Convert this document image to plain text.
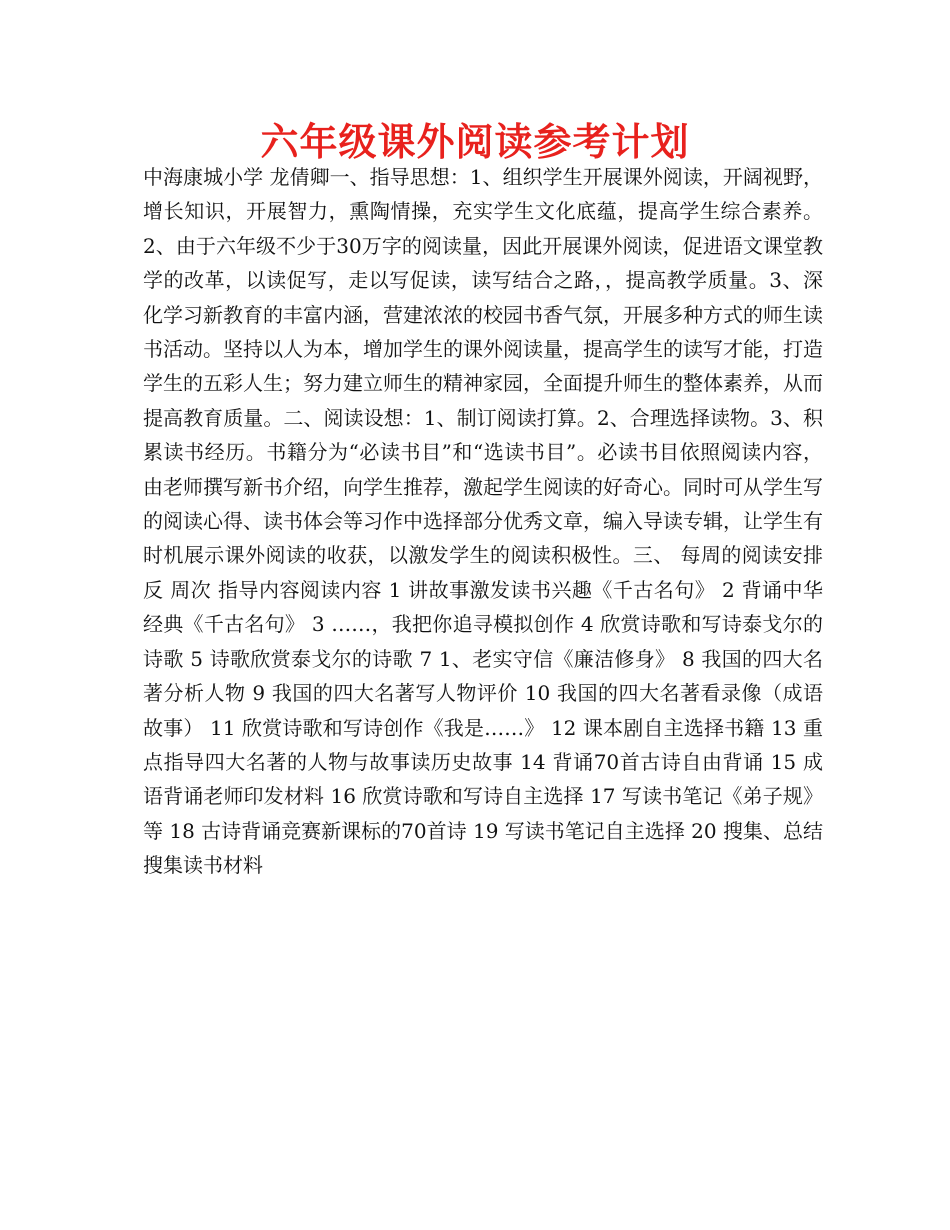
六年级课外阅读参考计划

中海康城小学 龙倩卿一、指导思想：1、组织学生开展课外阅读，开阔视野，增长知识，开展智力，熏陶情操，充实学生文化底蕴，提高学生综合素养。2、由于六年级不少于30万字的阅读量，因此开展课外阅读，促进语文课堂教学的改革，以读促写，走以写促读，读写结合之路，，提高教学质量。3、深化学习新教育的丰富内涵，营建浓浓的校园书香气氛，开展多种方式的师生读书活动。坚持以人为本，增加学生的课外阅读量，提高学生的读写才能，打造学生的五彩人生；努力建立师生的精神家园，全面提升师生的整体素养，从而提高教育质量。二、阅读设想：1、制订阅读打算。2、合理选择读物。3、积累读书经历。书籍分为“必读书目”和“选读书目”。必读书目依照阅读内容，由老师撰写新书介绍，向学生推荐，激起学生阅读的好奇心。同时可从学生写的阅读心得、读书体会等习作中选择部分优秀文章，编入导读专辑，让学生有时机展示课外阅读的收获，以激发学生的阅读积极性。三、 每周的阅读安排反 周次 指导内容阅读内容 1 讲故事激发读书兴趣《千古名句》 2 背诵中华经典《千古名句》 3 ……，我把你追寻模拟创作 4 欣赏诗歌和写诗泰戈尔的诗歌 5 诗歌欣赏泰戈尔的诗歌 7 1、老实守信《廉洁修身》 8 我国的四大名著分析人物 9 我国的四大名著写人物评价 10 我国的四大名著看录像（成语故事） 11 欣赏诗歌和写诗创作《我是……》 12 课本剧自主选择书籍 13 重点指导四大名著的人物与故事读历史故事 14 背诵70首古诗自由背诵 15 成语背诵老师印发材料 16 欣赏诗歌和写诗自主选择 17 写读书笔记《弟子规》等 18 古诗背诵竞赛新课标的70首诗 19 写读书笔记自主选择 20 搜集、总结搜集读书材料
